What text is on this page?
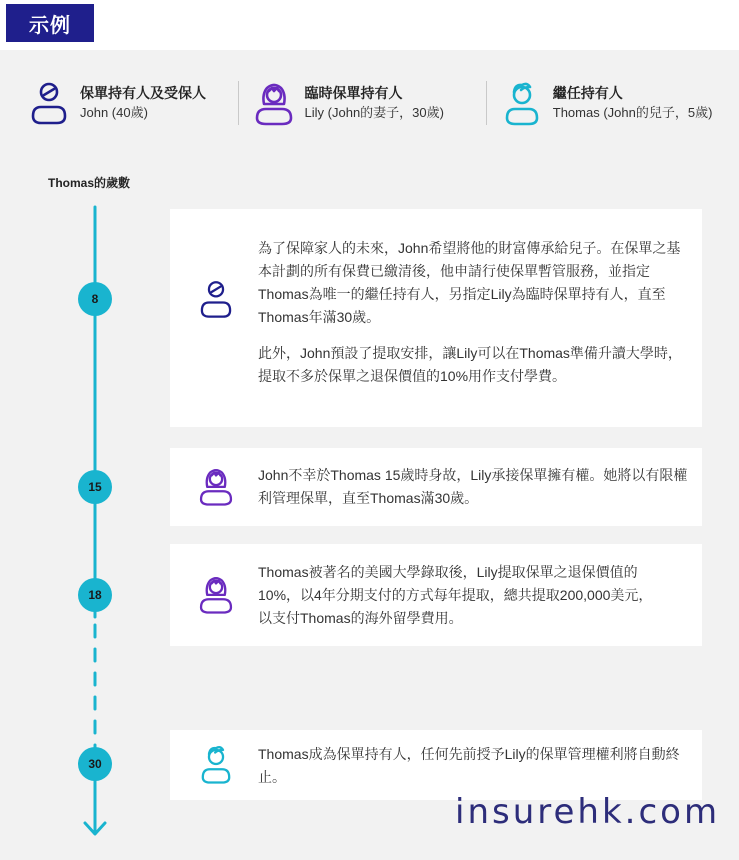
示例
保單持有人及受保人
John (40歲)
臨時保單持有人
Lily (John的妻子，30歲)
繼任持有人
Thomas (John的兒子，5歲)
Thomas的歲數
8
15
18
30

為了保障家人的未來，John希望將他的財富傳承給兒子。在保單之基本計劃的所有保費已繳清後，他申請行使保單暫管服務，並指定Thomas為唯一的繼任持有人，另指定Lily為臨時保單持有人，直至Thomas年滿30歲。

此外，John預設了提取安排，讓Lily可以在Thomas準備升讀大學時，提取不多於保單之退保價值的10%用作支付學費。

John不幸於Thomas 15歲時身故，Lily承接保單擁有權。她將以有限權利管理保單，直至Thomas滿30歲。

Thomas被著名的美國大學錄取後，Lily提取保單之退保價值的10%，以4年分期支付的方式每年提取，總共提取200,000美元，以支付Thomas的海外留學費用。

Thomas成為保單持有人，任何先前授予Lily的保單管理權利將自動終止。

insurehk.com
